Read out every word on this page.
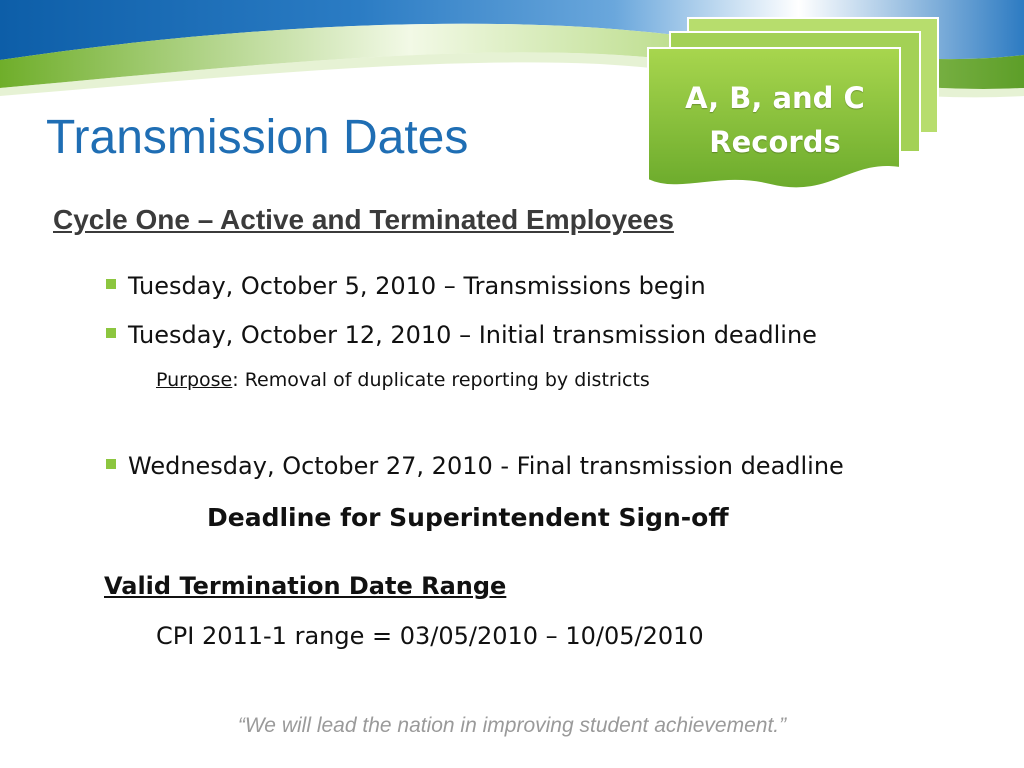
A, B, and C Records
Transmission Dates
Cycle One – Active and Terminated Employees
Tuesday, October 5, 2010 – Transmissions begin
Tuesday, October 12, 2010 – Initial transmission deadline
Purpose: Removal of duplicate reporting by districts
Wednesday, October 27, 2010 - Final transmission deadline
Deadline for Superintendent Sign-off
Valid Termination Date Range
CPI 2011-1 range = 03/05/2010 – 10/05/2010
“We will lead the nation in improving student achievement.”
